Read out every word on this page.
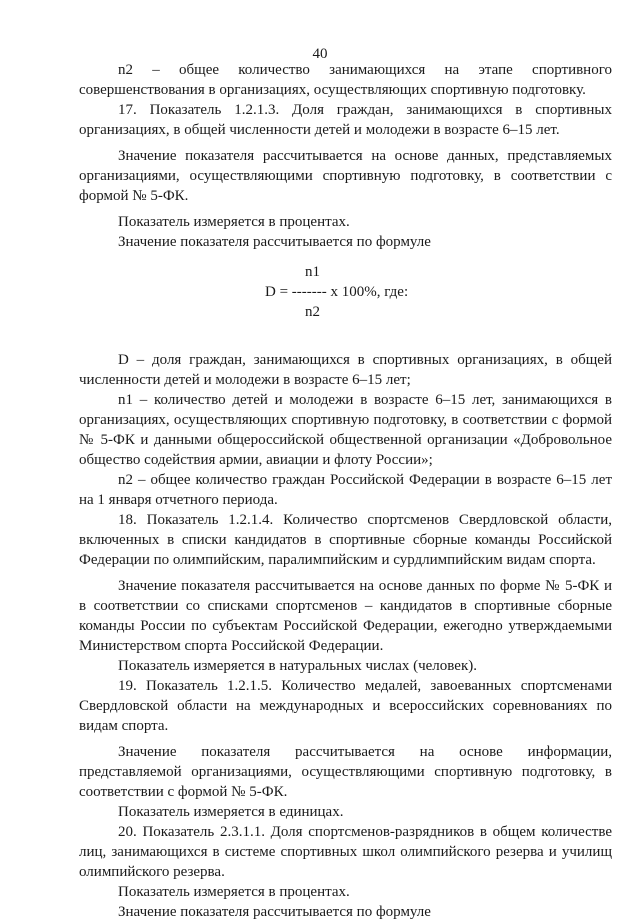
40

n2 – общее количество занимающихся на этапе спортивного совершенствования в организациях, осуществляющих спортивную подготовку.

17. Показатель 1.2.1.3. Доля граждан, занимающихся в спортивных организациях, в общей численности детей и молодежи в возрасте 6–15 лет.

Значение показателя рассчитывается на основе данных, представляемых организациями, осуществляющими спортивную подготовку, в соответствии с формой № 5-ФК.

Показатель измеряется в процентах.

Значение показателя рассчитывается по формуле

n1
D = ------- x 100%, где:
n2

D – доля граждан, занимающихся в спортивных организациях, в общей численности детей и молодежи в возрасте 6–15 лет;

n1 – количество детей и молодежи в возрасте 6–15 лет, занимающихся в организациях, осуществляющих спортивную подготовку, в соответствии с формой № 5-ФК и данными общероссийской общественной организации «Добровольное общество содействия армии, авиации и флоту России»;

n2 – общее количество граждан Российской Федерации в возрасте 6–15 лет на 1 января отчетного периода.

18. Показатель 1.2.1.4. Количество спортсменов Свердловской области, включенных в списки кандидатов в спортивные сборные команды Российской Федерации по олимпийским, паралимпийским и сурдлимпийским видам спорта.

Значение показателя рассчитывается на основе данных по форме № 5-ФК и в соответствии со списками спортсменов – кандидатов в спортивные сборные команды России по субъектам Российской Федерации, ежегодно утверждаемыми Министерством спорта Российской Федерации.

Показатель измеряется в натуральных числах (человек).

19. Показатель 1.2.1.5. Количество медалей, завоеванных спортсменами Свердловской области на международных и всероссийских соревнованиях по видам спорта.

Значение показателя рассчитывается на основе информации, представляемой организациями, осуществляющими спортивную подготовку, в соответствии с формой № 5-ФК.

Показатель измеряется в единицах.

20. Показатель 2.3.1.1. Доля спортсменов-разрядников в общем количестве лиц, занимающихся в системе спортивных школ олимпийского резерва и училищ олимпийского резерва.

Показатель измеряется в процентах.

Значение показателя рассчитывается по формуле
